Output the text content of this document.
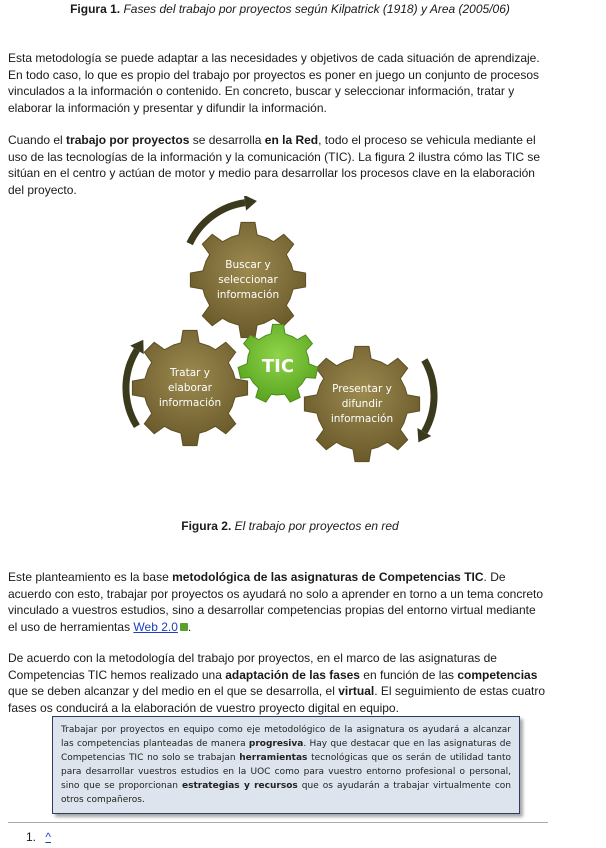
Figura 1. Fases del trabajo por proyectos según Kilpatrick (1918) y Area (2005/06)
Esta metodología se puede adaptar a las necesidades y objetivos de cada situación de aprendizaje. En todo caso, lo que es propio del trabajo por proyectos es poner en juego un conjunto de procesos vinculados a la información o contenido. En concreto, buscar y seleccionar información, tratar y elaborar la información y presentar y difundir la información.
Cuando el trabajo por proyectos se desarrolla en la Red, todo el proceso se vehicula mediante el uso de las tecnologías de la información y la comunicación (TIC). La figura 2 ilustra cómo las TIC se sitúan en el centro y actúan de motor y medio para desarrollar los procesos clave en la elaboración del proyecto.
Buscar y
seleccionar
información
Tratar y
elaborar
información
Presentar y
difundir
información
TIC
Figura 2. El trabajo por proyectos en red
Este planteamiento es la base metodológica de las asignaturas de Competencias TIC. De acuerdo con esto, trabajar por proyectos os ayudará no solo a aprender en torno a un tema concreto vinculado a vuestros estudios, sino a desarrollar competencias propias del entorno virtual mediante el uso de herramientas Web 2.0 .
De acuerdo con la metodología del trabajo por proyectos, en el marco de las asignaturas de Competencias TIC hemos realizado una adaptación de las fases en función de las competencias que se deben alcanzar y del medio en el que se desarrolla, el virtual. El seguimiento de estas cuatro fases os conducirá a la elaboración de vuestro proyecto digital en equipo.
Trabajar por proyectos en equipo como eje metodológico de la asignatura os ayudará a alcanzar las competencias planteadas de manera progresiva. Hay que destacar que en las asignaturas de Competencias TIC no solo se trabajan herramientas tecnológicas que os serán de utilidad tanto para desarrollar vuestros estudios en la UOC como para vuestro entorno profesional o personal, sino que se proporcionan estrategias y recursos que os ayudarán a trabajar virtualmente con otros compañeros.
1. ^
